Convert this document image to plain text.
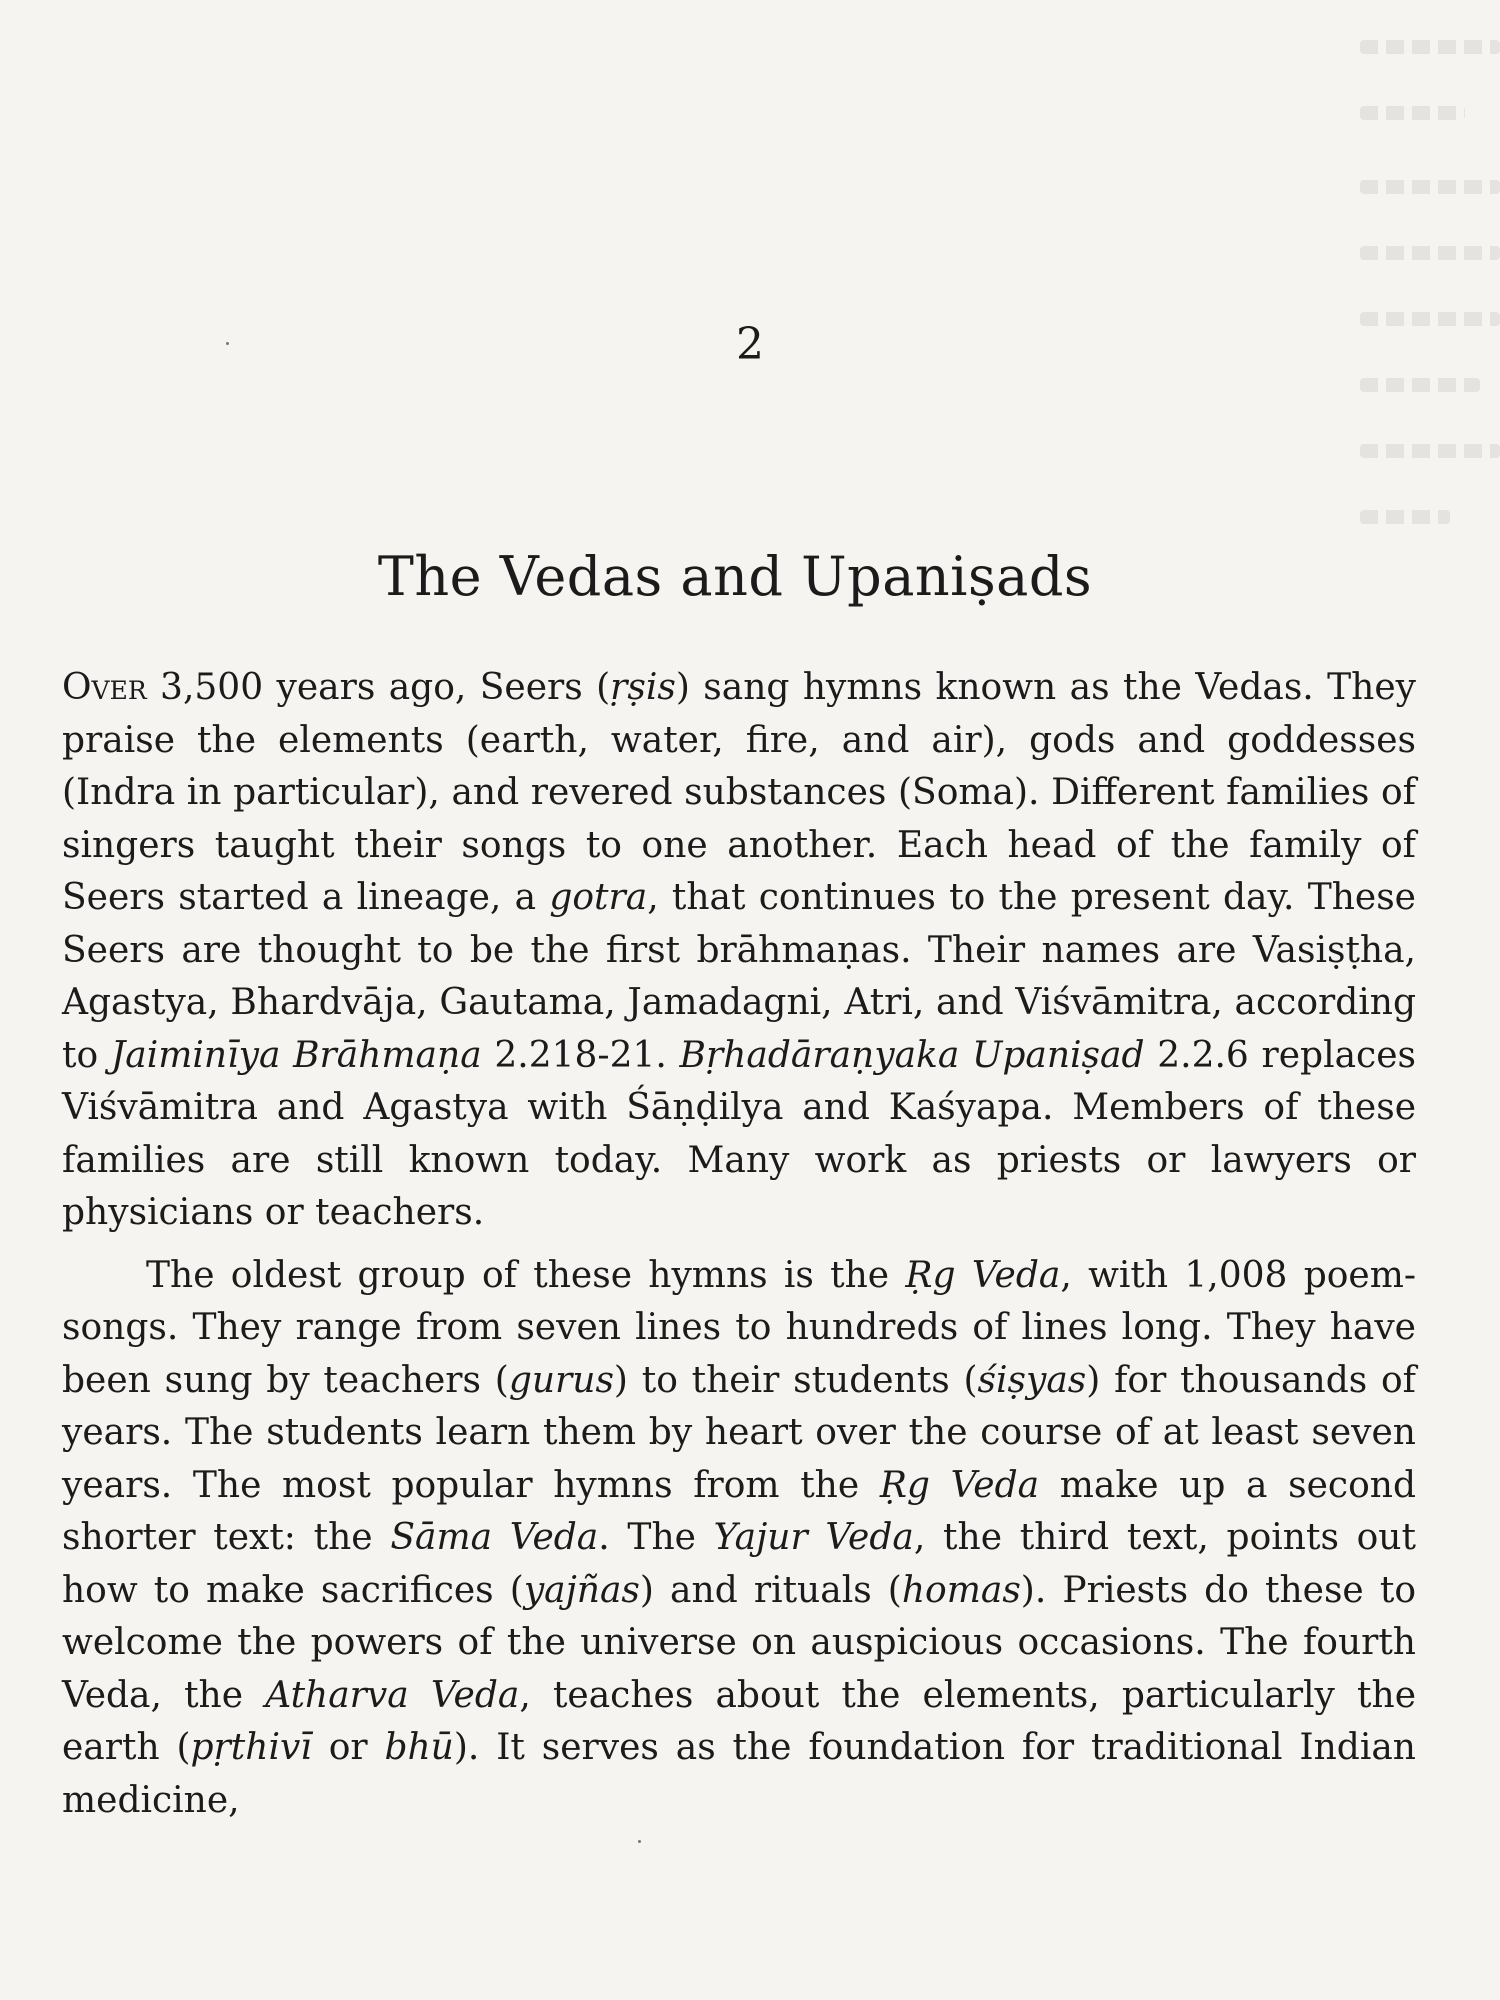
2
The Vedas and Upaniṣads

Over 3,500 years ago, Seers (ṛṣis) sang hymns known as the Vedas. They praise the elements (earth, water, fire, and air), gods and goddesses (Indra in particular), and revered substances (Soma). Different families of singers taught their songs to one another. Each head of the family of Seers started a lineage, a gotra, that continues to the present day. These Seers are thought to be the first brāhmaṇas. Their names are Vasiṣṭha, Agastya, Bhardvāja, Gautama, Jamadagni, Atri, and Viśvāmitra, according to Jaiminīya Brāhmaṇa 2.218-21. Bṛhadāraṇyaka Upaniṣad 2.2.6 replaces Viśvāmitra and Agastya with Śāṇḍilya and Kaśyapa. Members of these families are still known today. Many work as priests or lawyers or physicians or teachers.

The oldest group of these hymns is the Ṛg Veda, with 1,008 poem-songs. They range from seven lines to hundreds of lines long. They have been sung by teachers (gurus) to their students (śiṣyas) for thousands of years. The students learn them by heart over the course of at least seven years. The most popular hymns from the Ṛg Veda make up a second shorter text: the Sāma Veda. The Yajur Veda, the third text, points out how to make sacrifices (yajñas) and rituals (homas). Priests do these to welcome the powers of the universe on auspicious occasions. The fourth Veda, the Atharva Veda, teaches about the elements, particularly the earth (pṛthivī or bhū). It serves as the foundation for traditional Indian medicine,
